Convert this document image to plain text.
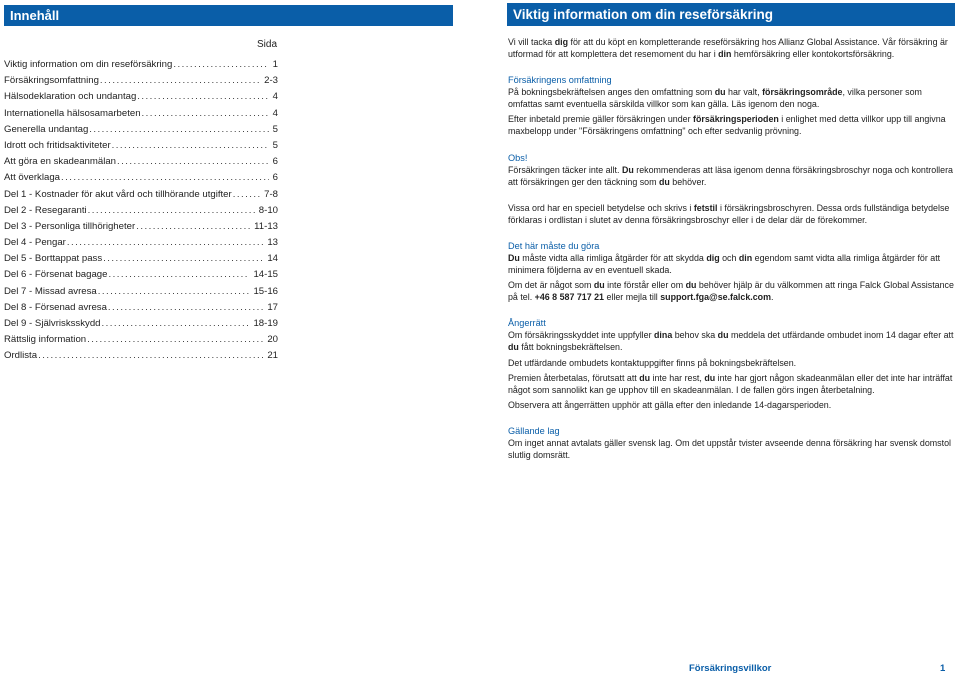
Innehåll
Sida
Viktig information om din reseförsäkring . . .	1
Försäkringsomfattning . . .	2-3
Hälsodeklaration och undantag . . .	4
Internationella hälsosamarbeten . . .	4
Generella undantag . . .	5
Idrott och fritidsaktiviteter . . .	5
Att göra en skadeanmälan . . .	6
Att överklaga . . .	6
Del 1 - Kostnader för akut vård och tillhörande utgifter . . .	7-8
Del 2 - Resegaranti . . .	8-10
Del 3 - Personliga tillhörigheter . . .	11-13
Del 4 - Pengar . . .	13
Del 5 - Borttappat pass . . .	14
Del 6 - Försenat bagage . . .	14-15
Del 7 - Missad avresa . . .	15-16
Del 8 - Försenad avresa . . .	17
Del 9 - Självrisksskydd . . .	18-19
Rättslig information . . .	20
Ordlista . . .	21
Viktig information om din reseförsäkring

Vi vill tacka dig för att du köpt en kompletterande reseförsäkring hos Allianz Global Assistance. Vår försäkring är utformad för att komplettera det resemoment du har i din hemförsäkring eller kontokortsförsäkring.

Försäkringens omfattning

På bokningsbekräftelsen anges den omfattning som du har valt, försäkringsområde, vilka personer som omfattas samt eventuella särskilda villkor som kan gälla. Läs igenom den noga.

Efter inbetald premie gäller försäkringen under försäkringsperioden i enlighet med detta villkor upp till angivna maxbelopp under "Försäkringens omfattning" och efter sedvanlig prövning.

Obs!

Försäkringen täcker inte allt. Du rekommenderas att läsa igenom denna försäkringsbroschyr noga och kontrollera att försäkringen ger den täckning som du behöver.

Vissa ord har en speciell betydelse och skrivs i fetstil i försäkringsbroschyren. Dessa ords fullständiga betydelse förklaras i ordlistan i slutet av denna försäkringsbroschyr eller i de delar där de förekommer.

Det här måste du göra

Du måste vidta alla rimliga åtgärder för att skydda dig och din egendom samt vidta alla rimliga åtgärder för att minimera följderna av en eventuell skada.

Om det är något som du inte förstår eller om du behöver hjälp är du välkommen att ringa Falck Global Assistance på tel. +46 8 587 717 21 eller mejla till support.fga@se.falck.com.

Ångerrätt

Om försäkringsskyddet inte uppfyller dina behov ska du meddela det utfärdande ombudet inom 14 dagar efter att du fått bokningsbekräftelsen.

Det utfärdande ombudets kontaktuppgifter finns på bokningsbekräftelsen.

Premien återbetalas, förutsatt att du inte har rest, du inte har gjort någon skadeanmälan eller det inte har inträffat något som sannolikt kan ge upphov till en skadeanmälan. I de fallen görs ingen återbetalning.

Observera att ångerrätten upphör att gälla efter den inledande 14-dagarsperioden.

Gällande lag

Om inget annat avtalats gäller svensk lag. Om det uppstår tvister avseende denna försäkring har svensk domstol slutlig domsrätt.

Försäkringsvillkor	1
